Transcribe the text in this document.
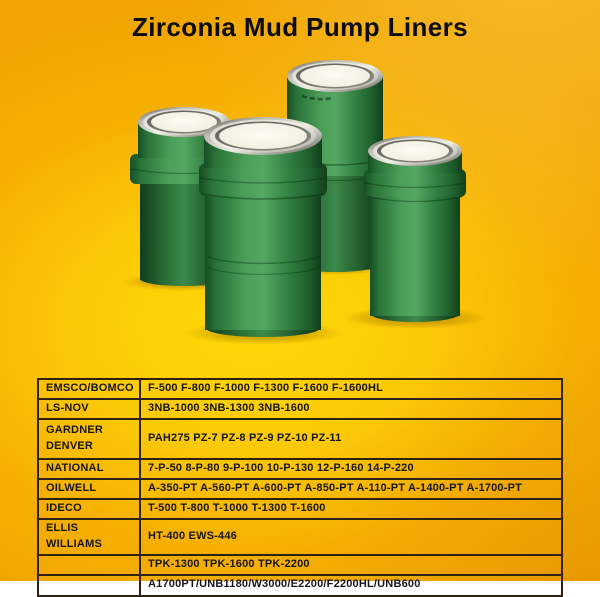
Zirconia Mud Pump Liners
EMSCO/BOMCO	F-500 F-800 F-1000 F-1300 F-1600 F-1600HL
LS-NOV	3NB-1000 3NB-1300 3NB-1600
GARDNER DENVER	PAH275 PZ-7 PZ-8 PZ-9 PZ-10 PZ-11
NATIONAL	7-P-50 8-P-80 9-P-100 10-P-130 12-P-160 14-P-220
OILWELL	A-350-PT A-560-PT A-600-PT A-850-PT A-110-PT A-1400-PT A-1700-PT
IDECO	T-500 T-800 T-1000 T-1300 T-1600
ELLIS WILLIAMS	HT-400 EWS-446
	TPK-1300 TPK-1600 TPK-2200
	A1700PT/UNB1180/W3000/E2200/F2200HL/UNB600
